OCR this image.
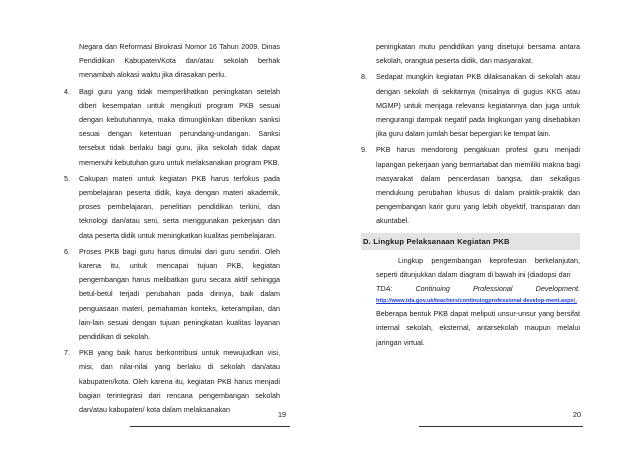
Negara dan Reformasi Birokrasi Nomor 16 Tahun 2009. Dinas Pendidikan Kabupaten/Kota dan/atau sekolah berhak menambah alokasi waktu jika dirasakan perlu.
4. Bagi guru yang tidak memperlihatkan peningkatan setelah diberi kesempatan untuk mengikuti program PKB sesuai dengan kebutuhannya, maka dimungkinkan diberikan sanksi sesuai dengan ketentuan perundang-undangan. Sanksi tersebut tidak berlaku bagi guru, jika sekolah tidak dapat memenuhi kebutuhan guru untuk melaksanakan program PKB.
5. Cakupan materi untuk kegiatan PKB harus terfokus pada pembelajaran peserta didik, kaya dengan materi akademik, proses pembelajaran, penelitian pendidikan terkini, dan teknologi dan/atau seni, serta menggunakan pekerjaan dan data peserta didik untuk meningkatkan kualitas pembelajaran.
6. Proses PKB bagi guru harus dimulai dari guru sendiri. Oleh karena itu, untuk mencapai tujuan PKB, kegiatan pengembangan harus melibatkan guru secara aktif sehingga betul-betul terjadi perubahan pada dirinya, baik dalam penguasaan materi, pemahaman konteks, keterampilan, dan lain-lain sesuai dengan tujuan peningkatan kualitas layanan pendidikan di sekolah.
7. PKB yang baik harus berkontribusi untuk mewujudkan visi, misi, dan nilai-nilai yang berlaku di sekolah dan/atau kabupaten/kota. Oleh karena itu, kegiatan PKB harus menjadi bagian terintegrasi dari rencana pengembangan sekolah dan/atau kabupaten/ kota dalam melaksanakan
19
peningkatan mutu pendidikan yang disetujui bersama antara sekolah, orangtua peserta didik, dan masyarakat.
8. Sedapat mungkin kegiatan PKB dilaksanakan di sekolah atau dengan sekolah di sekitarnya (misalnya di gugus KKG atau MGMP) untuk menjaga relevansi kegiatannya dan juga untuk mengurangi dampak negatif pada lingkungan yang disebabkan jika guru dalam jumlah besar bepergian ke tempat lain.
9. PKB harus mendorong pengakuan profesi guru menjadi lapangan pekerjaan yang bermartabat dan memiliki makna bagi masyarakat dalam pencerdasan bangsa, dan sekaligus mendukung perubahan khusus di dalam praktik-praktik dan pengembangan karir guru yang lebih obyektif, transparan dan akuntabel.
D. Lingkup Pelaksanaan Kegiatan PKB
Lingkup pengembangan keprofesian berkelanjutan, seperti ditunjukkan dalam diagram di bawah ini (diadopsi dari
TDA:	Continuing	Professional	Development.
http://www.tda.gov.uk/teachers/continuingprofessional develop-ment.aspx).
Beberapa bentuk PKB dapat meliputi unsur-unsur yang bersifat internal sekolah, eksternal, antarsekolah maupun melalui jaringan virtual.
20
